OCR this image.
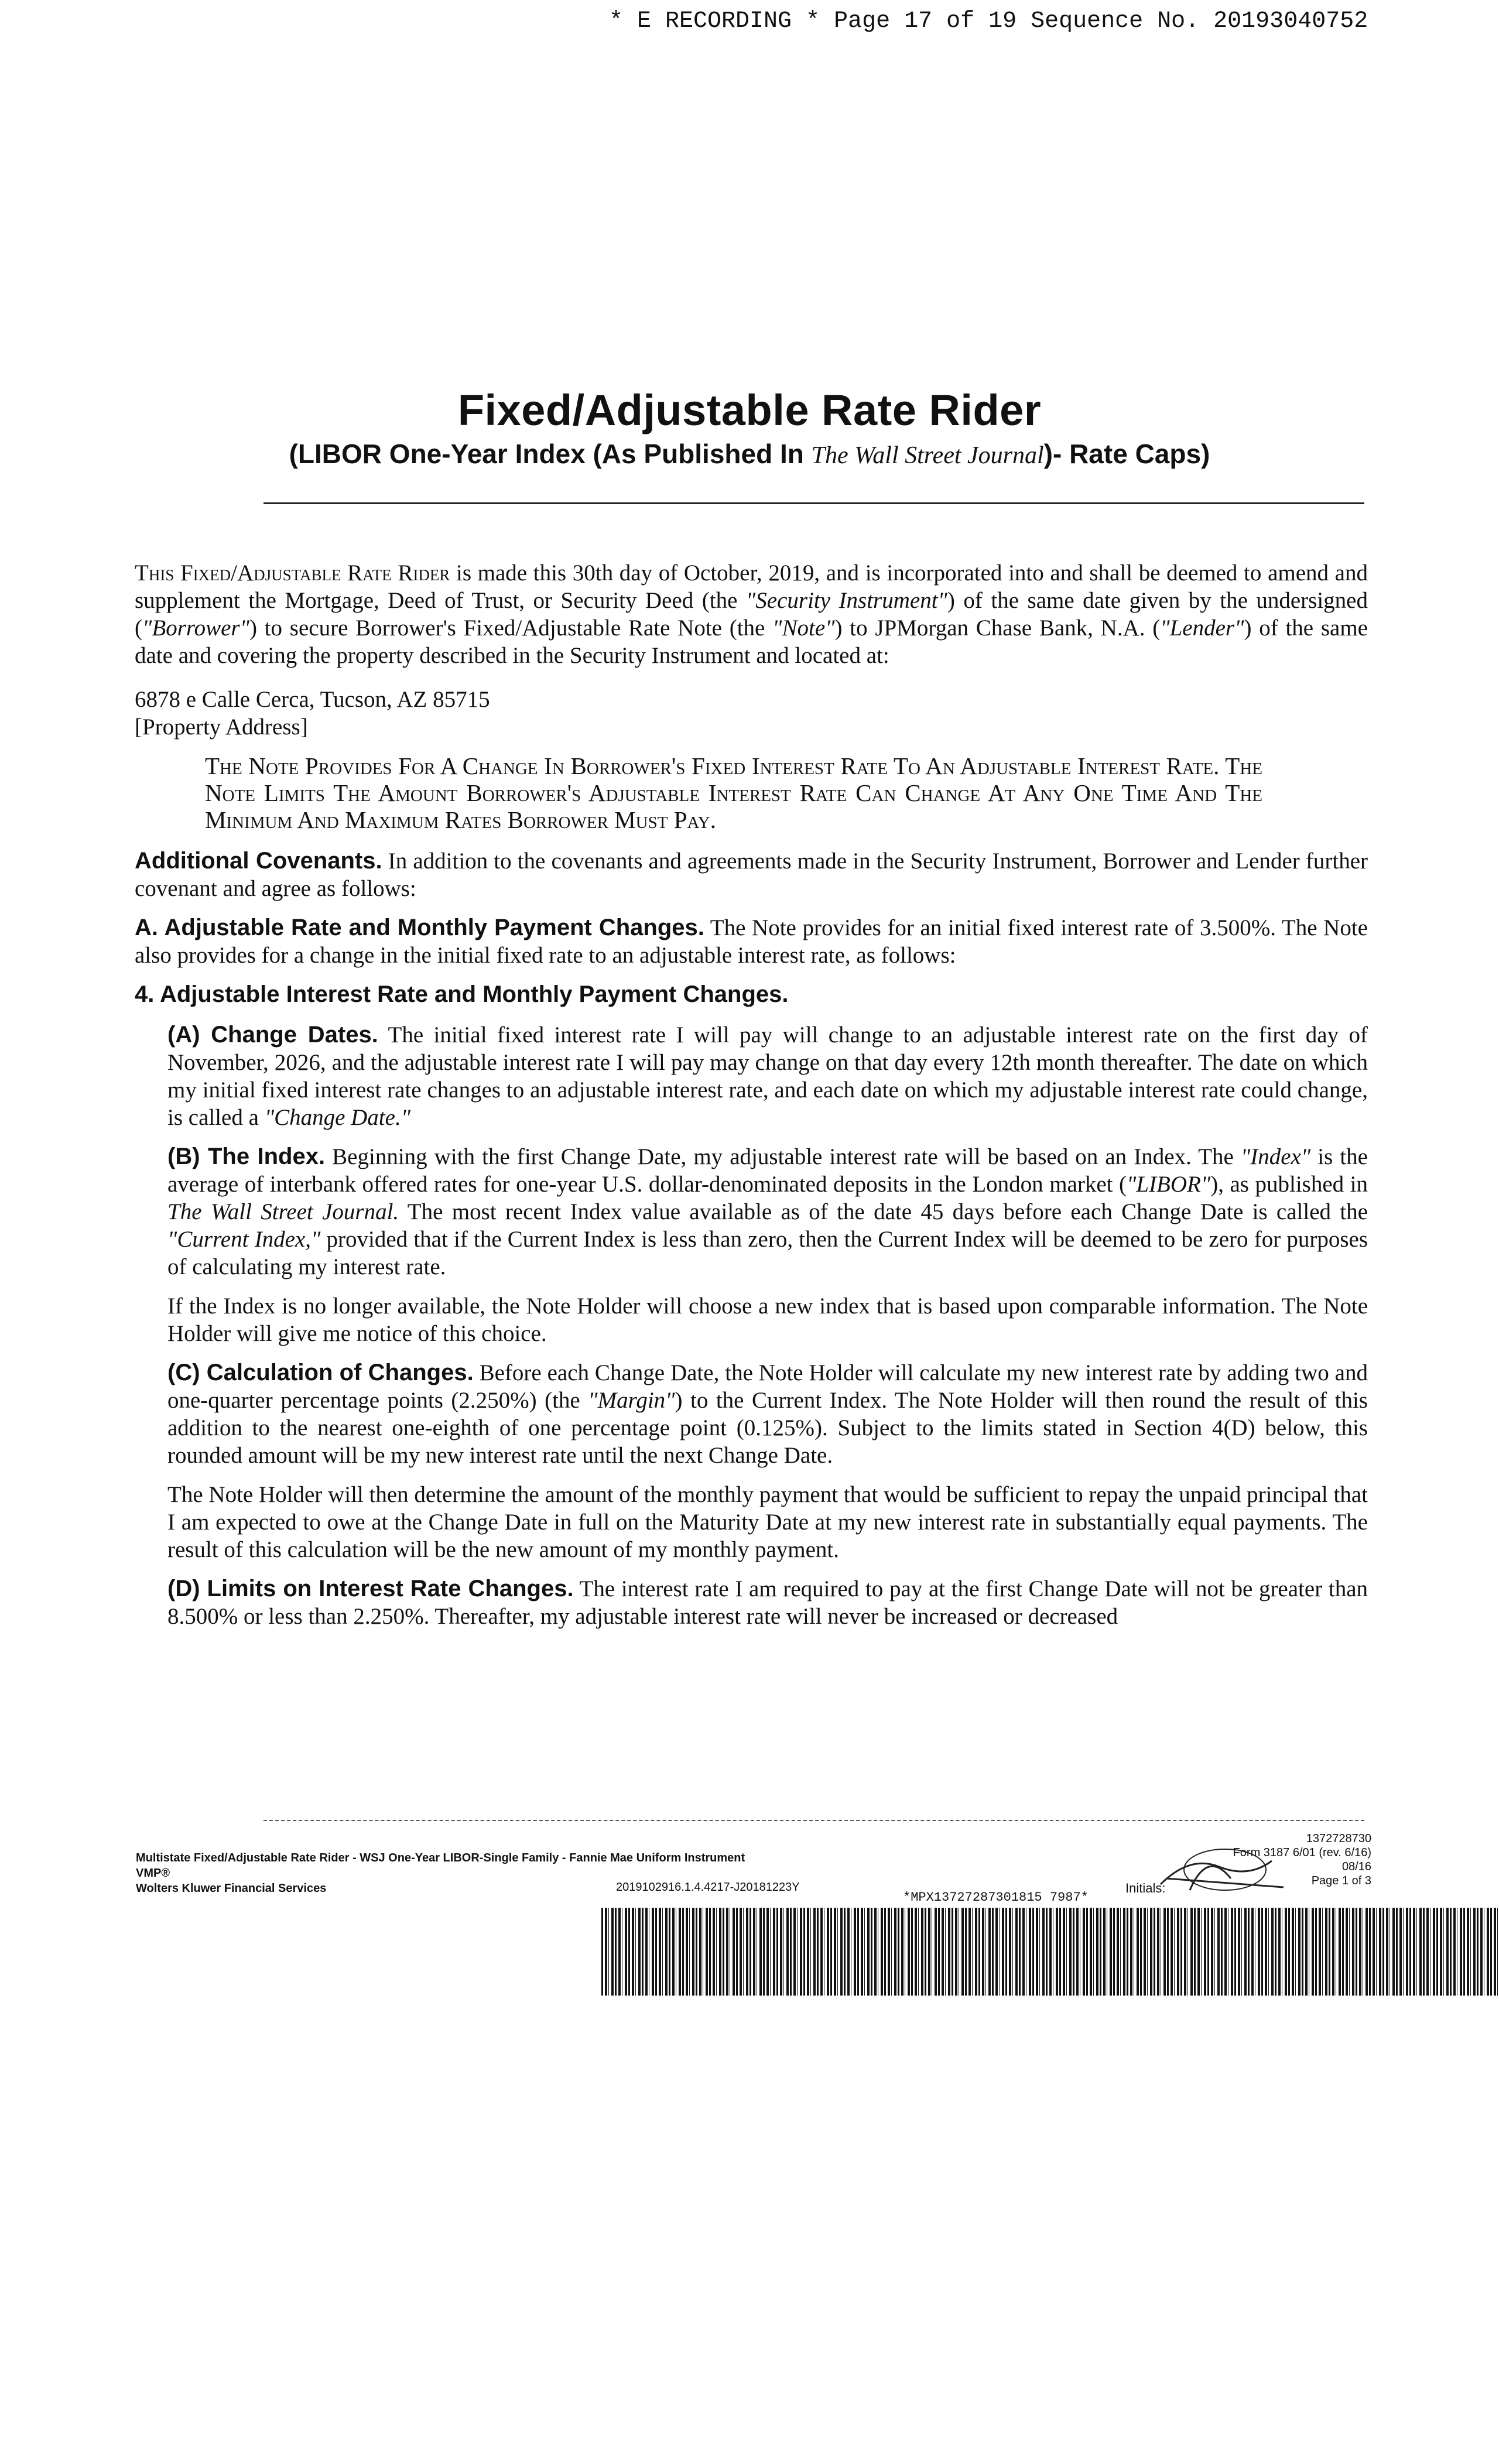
* E RECORDING * Page 17 of 19 Sequence No. 20193040752
Fixed/Adjustable Rate Rider
(LIBOR One-Year Index (As Published In The Wall Street Journal)- Rate Caps)

This Fixed/Adjustable Rate Rider is made this 30th day of October, 2019, and is incorporated into and shall be deemed to amend and supplement the Mortgage, Deed of Trust, or Security Deed (the "Security Instrument") of the same date given by the undersigned ("Borrower") to secure Borrower's Fixed/Adjustable Rate Note (the "Note") to JPMorgan Chase Bank, N.A. ("Lender") of the same date and covering the property described in the Security Instrument and located at:

6878 e Calle Cerca, Tucson, AZ 85715
[Property Address]

The Note Provides For A Change In Borrower's Fixed Interest Rate To An Adjustable Interest Rate. The Note Limits The Amount Borrower's Adjustable Interest Rate Can Change At Any One Time And The Minimum And Maximum Rates Borrower Must Pay.

Additional Covenants. In addition to the covenants and agreements made in the Security Instrument, Borrower and Lender further covenant and agree as follows:

A. Adjustable Rate and Monthly Payment Changes. The Note provides for an initial fixed interest rate of 3.500%. The Note also provides for a change in the initial fixed rate to an adjustable interest rate, as follows:

4. Adjustable Interest Rate and Monthly Payment Changes.

(A) Change Dates. The initial fixed interest rate I will pay will change to an adjustable interest rate on the first day of November, 2026, and the adjustable interest rate I will pay may change on that day every 12th month thereafter. The date on which my initial fixed interest rate changes to an adjustable interest rate, and each date on which my adjustable interest rate could change, is called a "Change Date."

(B) The Index. Beginning with the first Change Date, my adjustable interest rate will be based on an Index. The "Index" is the average of interbank offered rates for one-year U.S. dollar-denominated deposits in the London market ("LIBOR"), as published in The Wall Street Journal. The most recent Index value available as of the date 45 days before each Change Date is called the "Current Index," provided that if the Current Index is less than zero, then the Current Index will be deemed to be zero for purposes of calculating my interest rate.

If the Index is no longer available, the Note Holder will choose a new index that is based upon comparable information. The Note Holder will give me notice of this choice.

(C) Calculation of Changes. Before each Change Date, the Note Holder will calculate my new interest rate by adding two and one-quarter percentage points (2.250%) (the "Margin") to the Current Index. The Note Holder will then round the result of this addition to the nearest one-eighth of one percentage point (0.125%). Subject to the limits stated in Section 4(D) below, this rounded amount will be my new interest rate until the next Change Date.

The Note Holder will then determine the amount of the monthly payment that would be sufficient to repay the unpaid principal that I am expected to owe at the Change Date in full on the Maturity Date at my new interest rate in substantially equal payments. The result of this calculation will be the new amount of my monthly payment.

(D) Limits on Interest Rate Changes. The interest rate I am required to pay at the first Change Date will not be greater than 8.500% or less than 2.250%. Thereafter, my adjustable interest rate will never be increased or decreased

Multistate Fixed/Adjustable Rate Rider - WSJ One-Year LIBOR-Single Family - Fannie Mae Uniform Instrument
VMP®
Wolters Kluwer Financial Services	2019102916.1.4.4217-J20181223Y	Initials:
1372728730
Form 3187 6/01 (rev. 6/16)
08/16
Page 1 of 3
*MPX13727287301815 7987*
